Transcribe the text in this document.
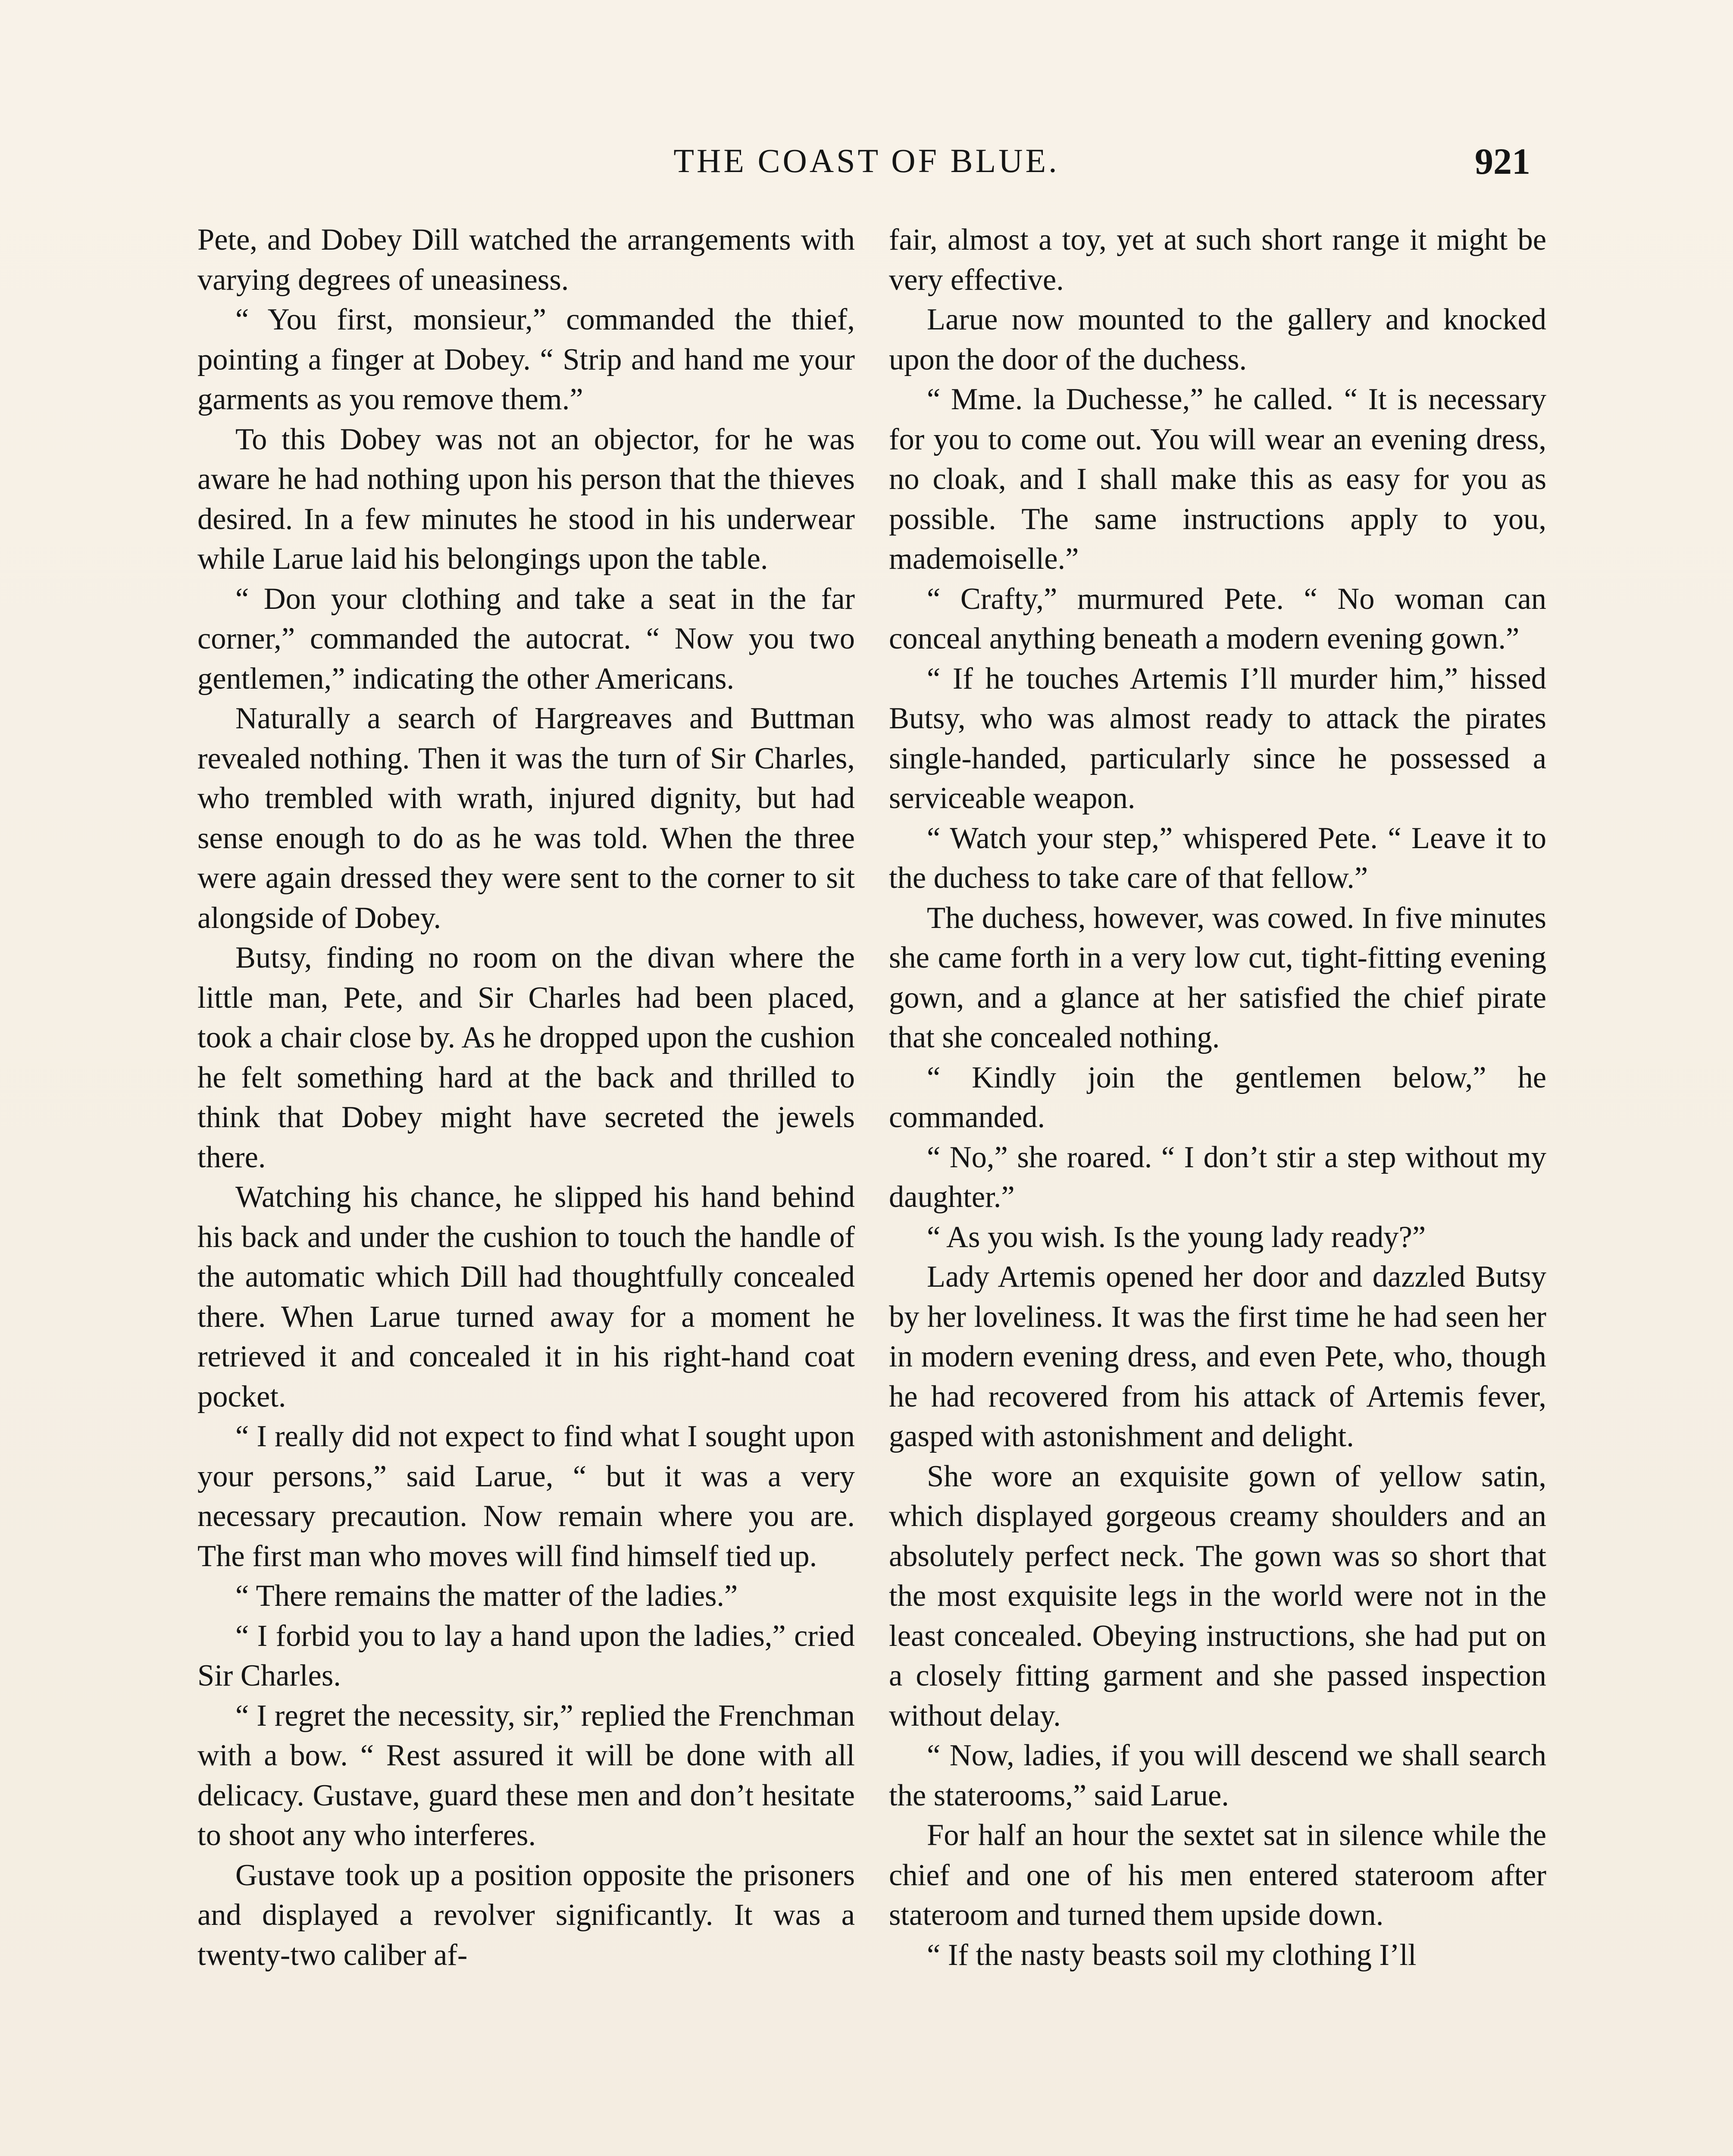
THE COAST OF BLUE.	921

Pete, and Dobey Dill watched the arrangements with varying degrees of uneasiness.

“ You first, monsieur,” commanded the thief, pointing a finger at Dobey. “ Strip and hand me your garments as you remove them.”

To this Dobey was not an objector, for he was aware he had nothing upon his person that the thieves desired. In a few minutes he stood in his underwear while Larue laid his belongings upon the table.

“ Don your clothing and take a seat in the far corner,” commanded the autocrat. “ Now you two gentlemen,” indicating the other Americans.

Naturally a search of Hargreaves and Buttman revealed nothing. Then it was the turn of Sir Charles, who trembled with wrath, injured dignity, but had sense enough to do as he was told. When the three were again dressed they were sent to the corner to sit alongside of Dobey.

Butsy, finding no room on the divan where the little man, Pete, and Sir Charles had been placed, took a chair close by. As he dropped upon the cushion he felt something hard at the back and thrilled to think that Dobey might have secreted the jewels there.

Watching his chance, he slipped his hand behind his back and under the cushion to touch the handle of the automatic which Dill had thoughtfully concealed there. When Larue turned away for a moment he retrieved it and concealed it in his right-hand coat pocket.

“ I really did not expect to find what I sought upon your persons,” said Larue, “ but it was a very necessary precaution. Now remain where you are. The first man who moves will find himself tied up.

“ There remains the matter of the ladies.”

“ I forbid you to lay a hand upon the ladies,” cried Sir Charles.

“ I regret the necessity, sir,” replied the Frenchman with a bow. “ Rest assured it will be done with all delicacy. Gustave, guard these men and don’t hesitate to shoot any who interferes.

Gustave took up a position opposite the prisoners and displayed a revolver significantly. It was a twenty-two caliber af-

fair, almost a toy, yet at such short range it might be very effective.

Larue now mounted to the gallery and knocked upon the door of the duchess.

“ Mme. la Duchesse,” he called. “ It is necessary for you to come out. You will wear an evening dress, no cloak, and I shall make this as easy for you as possible. The same instructions apply to you, mademoiselle.”

“ Crafty,” murmured Pete. “ No woman can conceal anything beneath a modern evening gown.”

“ If he touches Artemis I’ll murder him,” hissed Butsy, who was almost ready to attack the pirates single-handed, particularly since he possessed a serviceable weapon.

“ Watch your step,” whispered Pete. “ Leave it to the duchess to take care of that fellow.”

The duchess, however, was cowed. In five minutes she came forth in a very low cut, tight-fitting evening gown, and a glance at her satisfied the chief pirate that she concealed nothing.

“ Kindly join the gentlemen below,” he commanded.

“ No,” she roared. “ I don’t stir a step without my daughter.”

“ As you wish. Is the young lady ready?”

Lady Artemis opened her door and dazzled Butsy by her loveliness. It was the first time he had seen her in modern evening dress, and even Pete, who, though he had recovered from his attack of Artemis fever, gasped with astonishment and delight.

She wore an exquisite gown of yellow satin, which displayed gorgeous creamy shoulders and an absolutely perfect neck. The gown was so short that the most exquisite legs in the world were not in the least concealed. Obeying instructions, she had put on a closely fitting garment and she passed inspection without delay.

“ Now, ladies, if you will descend we shall search the staterooms,” said Larue.

For half an hour the sextet sat in silence while the chief and one of his men entered stateroom after stateroom and turned them upside down.

“ If the nasty beasts soil my clothing I’ll
